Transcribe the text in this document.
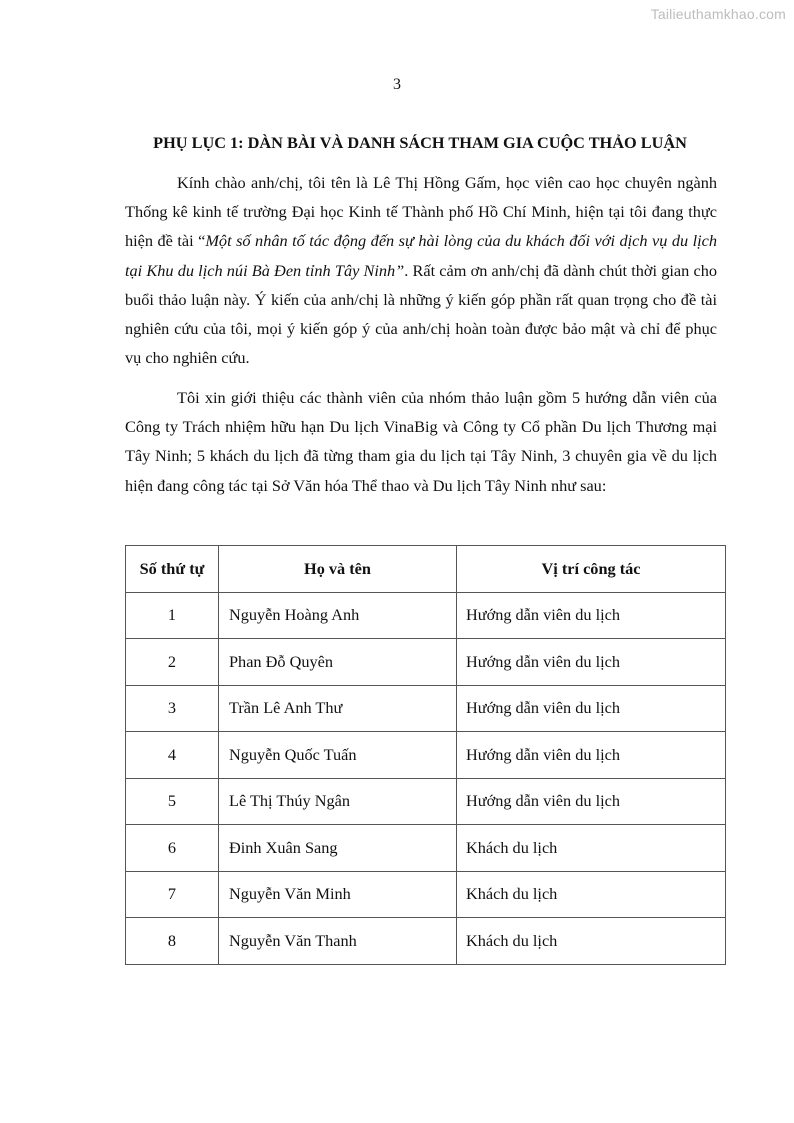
Tailieuthamkhao.com
3
PHỤ LỤC 1: DÀN BÀI VÀ DANH SÁCH THAM GIA CUỘC THẢO LUẬN

Kính chào anh/chị, tôi tên là Lê Thị Hồng Gấm, học viên cao học chuyên ngành Thống kê kinh tế trường Đại học Kinh tế Thành phố Hồ Chí Minh, hiện tại tôi đang thực hiện đề tài “Một số nhân tố tác động đến sự hài lòng của du khách đối với dịch vụ du lịch tại Khu du lịch núi Bà Đen tỉnh Tây Ninh”. Rất cảm ơn anh/chị đã dành chút thời gian cho buổi thảo luận này. Ý kiến của anh/chị là những ý kiến góp phần rất quan trọng cho đề tài nghiên cứu của tôi, mọi ý kiến góp ý của anh/chị hoàn toàn được bảo mật và chỉ để phục vụ cho nghiên cứu.

Tôi xin giới thiệu các thành viên của nhóm thảo luận gồm 5 hướng dẫn viên của Công ty Trách nhiệm hữu hạn Du lịch VinaBig và Công ty Cổ phần Du lịch Thương mại Tây Ninh; 5 khách du lịch đã từng tham gia du lịch tại Tây Ninh, 3 chuyên gia về du lịch hiện đang công tác tại Sở Văn hóa Thể thao và Du lịch Tây Ninh như sau:

Số thứ tự	Họ và tên	Vị trí công tác
1	Nguyễn Hoàng Anh	Hướng dẫn viên du lịch
2	Phan Đỗ Quyên	Hướng dẫn viên du lịch
3	Trần Lê Anh Thư	Hướng dẫn viên du lịch
4	Nguyễn Quốc Tuấn	Hướng dẫn viên du lịch
5	Lê Thị Thúy Ngân	Hướng dẫn viên du lịch
6	Đinh Xuân Sang	Khách du lịch
7	Nguyễn Văn Minh	Khách du lịch
8	Nguyễn Văn Thanh	Khách du lịch
